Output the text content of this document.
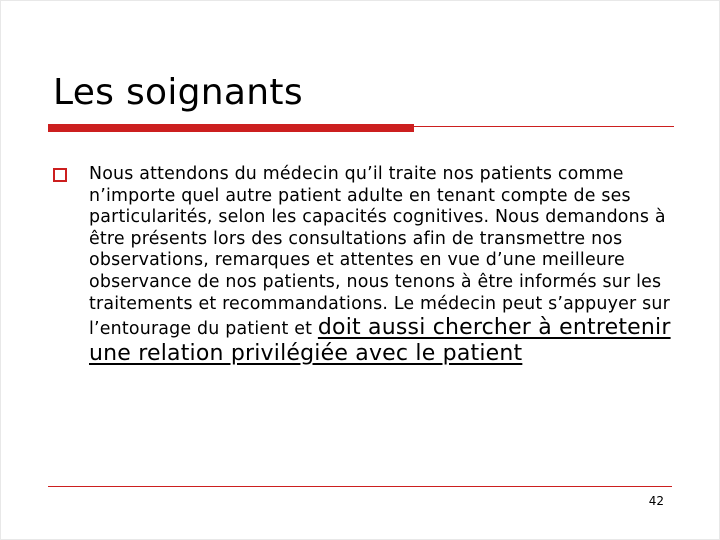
Les soignants
Nous attendons du médecin qu’il traite nos patients comme n’importe quel autre patient adulte en tenant compte de ses particularités, selon les capacités cognitives. Nous demandons à être présents lors des consultations afin de transmettre nos observations, remarques et attentes en vue d’une meilleure observance de nos patients, nous tenons à être informés sur les traitements et recommandations. Le médecin peut s’appuyer sur l’entourage du patient et doit aussi chercher à entretenir une relation privilégiée avec le patient
42
